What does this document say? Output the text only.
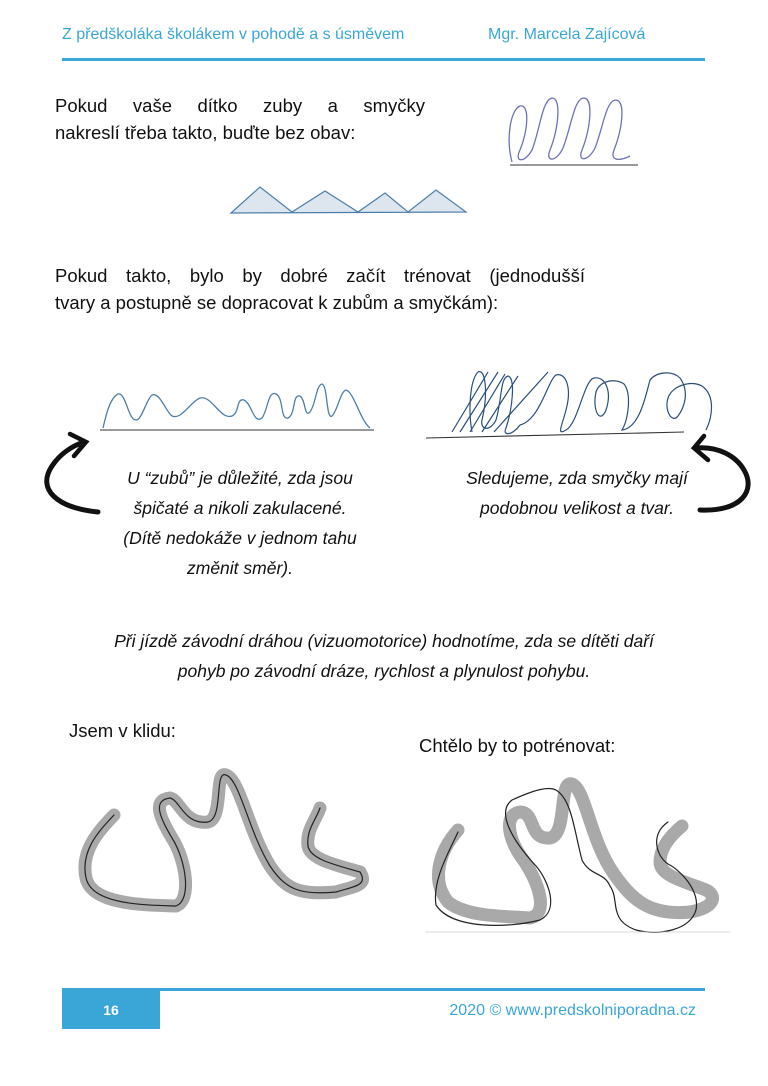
Z předškoláka školákem v pohodě a s úsměvem	Mgr. Marcela Zajícová
Pokud vaše dítko zuby a smyčky
nakreslí třeba takto, buďte bez obav:
Pokud takto, bylo by dobré začít trénovat (jednodušší
tvary a postupně se dopracovat k zubům a smyčkám):
U “zubů” je důležité, zda jsou
špičaté a nikoli zakulacené.
(Dítě nedokáže v jednom tahu
změnit směr).
Sledujeme, zda smyčky mají
podobnou velikost a tvar.
Při jízdě závodní dráhou (vizuomotorice) hodnotíme, zda se dítěti daří
pohyb po závodní dráze, rychlost a plynulost pohybu.
Jsem v klidu:
Chtělo by to potrénovat:
16	2020 © www.predskolniporadna.cz
